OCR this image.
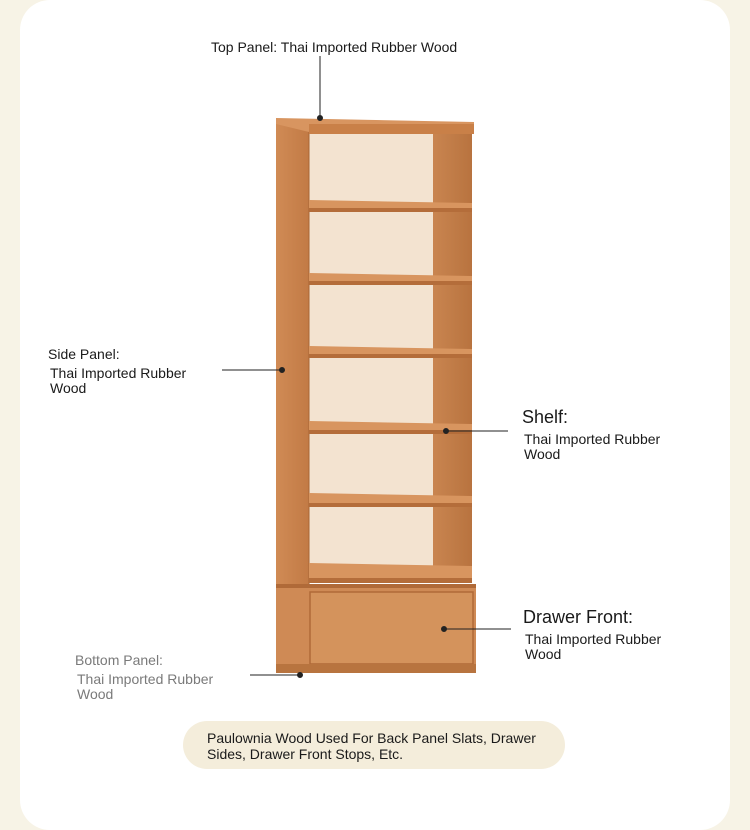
Top Panel: Thai Imported Rubber Wood
Side Panel:
Thai Imported Rubber Wood
Shelf:
Thai Imported Rubber Wood
Drawer Front:
Thai Imported Rubber Wood
Bottom Panel:
Thai Imported Rubber Wood
Paulownia Wood Used For Back Panel Slats, Drawer Sides, Drawer Front Stops, Etc.
